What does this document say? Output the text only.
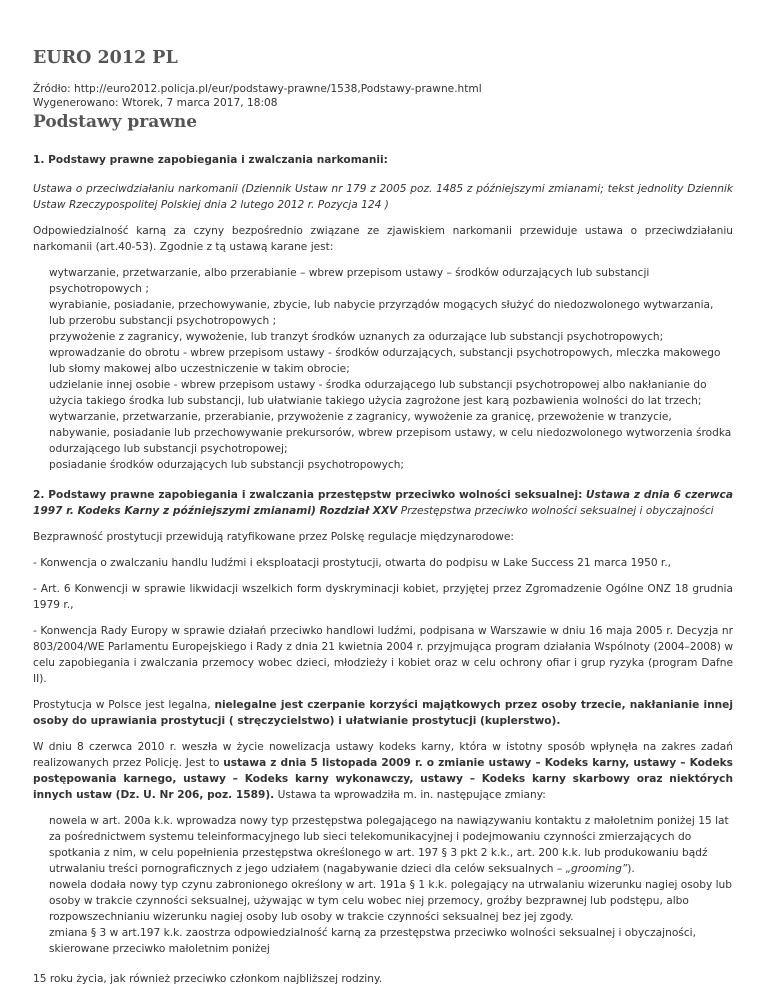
EURO 2012 PL
Źródło: http://euro2012.policja.pl/eur/podstawy-prawne/1538,Podstawy-prawne.html
Wygenerowano: Wtorek, 7 marca 2017, 18:08
Podstawy prawne

1. Podstawy prawne zapobiegania i zwalczania narkomanii:

Ustawa o przeciwdziałaniu narkomanii (Dziennik Ustaw nr 179 z 2005 poz. 1485 z późniejszymi zmianami; tekst jednolity Dziennik Ustaw Rzeczypospolitej Polskiej dnia 2 lutego 2012 r. Pozycja 124 )

Odpowiedzialność karną za czyny bezpośrednio związane ze zjawiskiem narkomanii przewiduje ustawa o przeciwdziałaniu narkomanii (art.40-53). Zgodnie z tą ustawą karane jest:

wytwarzanie, przetwarzanie, albo przerabianie – wbrew przepisom ustawy – środków odurzających lub substancji psychotropowych ;
wyrabianie, posiadanie, przechowywanie, zbycie, lub nabycie przyrządów mogących służyć do niedozwolonego wytwarzania, lub przerobu substancji psychotropowych ;
przywożenie z zagranicy, wywożenie, lub tranzyt środków uznanych za odurzające lub substancji psychotropowych;
wprowadzanie do obrotu - wbrew przepisom ustawy - środków odurzających, substancji psychotropowych, mleczka makowego lub słomy makowej albo uczestniczenie w takim obrocie;
udzielanie innej osobie - wbrew przepisom ustawy - środka odurzającego lub substancji psychotropowej albo nakłanianie do użycia takiego środka lub substancji, lub ułatwianie takiego użycia zagrożone jest karą pozbawienia wolności do lat trzech;
wytwarzanie, przetwarzanie, przerabianie, przywożenie z zagranicy, wywożenie za granicę, przewożenie w tranzycie, nabywanie, posiadanie lub przechowywanie prekursorów, wbrew przepisom ustawy, w celu niedozwolonego wytworzenia środka odurzającego lub substancji psychotropowej;
posiadanie środków odurzających lub substancji psychotropowych;

2. Podstawy prawne zapobiegania i zwalczania przestępstw przeciwko wolności seksualnej: Ustawa z dnia 6 czerwca 1997 r. Kodeks Karny z późniejszymi zmianami) Rozdział XXV Przestępstwa przeciwko wolności seksualnej i obyczajności

Bezprawność prostytucji przewidują ratyfikowane przez Polskę regulacje międzynarodowe:

- Konwencja o zwalczaniu handlu ludźmi i eksploatacji prostytucji, otwarta do podpisu w Lake Success 21 marca 1950 r.,

- Art. 6 Konwencji w sprawie likwidacji wszelkich form dyskryminacji kobiet, przyjętej przez Zgromadzenie Ogólne ONZ 18 grudnia 1979 r.,

- Konwencja Rady Europy w sprawie działań przeciwko handlowi ludźmi, podpisana w Warszawie w dniu 16 maja 2005 r. Decyzja nr 803/2004/WE Parlamentu Europejskiego i Rady z dnia 21 kwietnia 2004 r. przyjmująca program działania Wspólnoty (2004–2008) w celu zapobiegania i zwalczania przemocy wobec dzieci, młodzieży i kobiet oraz w celu ochrony ofiar i grup ryzyka (program Dafne II).

Prostytucja w Polsce jest legalna, nielegalne jest czerpanie korzyści majątkowych przez osoby trzecie, nakłanianie innej osoby do uprawiania prostytucji ( stręczycielstwo) i ułatwianie prostytucji (kuplerstwo).

W dniu 8 czerwca 2010 r. weszła w życie nowelizacja ustawy kodeks karny, która w istotny sposób wpłynęła na zakres zadań realizowanych przez Policję. Jest to ustawa z dnia 5 listopada 2009 r. o zmianie ustawy – Kodeks karny, ustawy – Kodeks postępowania karnego, ustawy – Kodeks karny wykonawczy, ustawy – Kodeks karny skarbowy oraz niektórych innych ustaw (Dz. U. Nr 206, poz. 1589). Ustawa ta wprowadziła m. in. następujące zmiany:

nowela w art. 200a k.k. wprowadza nowy typ przestępstwa polegającego na nawiązywaniu kontaktu z małoletnim poniżej 15 lat za pośrednictwem systemu teleinformacyjnego lub sieci telekomunikacyjnej i podejmowaniu czynności zmierzających do spotkania z nim, w celu popełnienia przestępstwa określonego w art. 197 § 3 pkt 2 k.k., art. 200 k.k. lub produkowaniu bądź utrwalaniu treści pornograficznych z jego udziałem (nagabywanie dzieci dla celów seksualnych – „grooming”).
nowela dodała nowy typ czynu zabronionego określony w art. 191a § 1 k.k. polegający na utrwalaniu wizerunku nagiej osoby lub osoby w trakcie czynności seksualnej, używając w tym celu wobec niej przemocy, groźby bezprawnej lub podstępu, albo rozpowszechnianiu wizerunku nagiej osoby lub osoby w trakcie czynności seksualnej bez jej zgody.
zmiana § 3 w art.197 k.k. zaostrza odpowiedzialność karną za przestępstwa przeciwko wolności seksualnej i obyczajności, skierowane przeciwko małoletnim poniżej

15 roku życia, jak również przeciwko członkom najbliższej rodziny.
